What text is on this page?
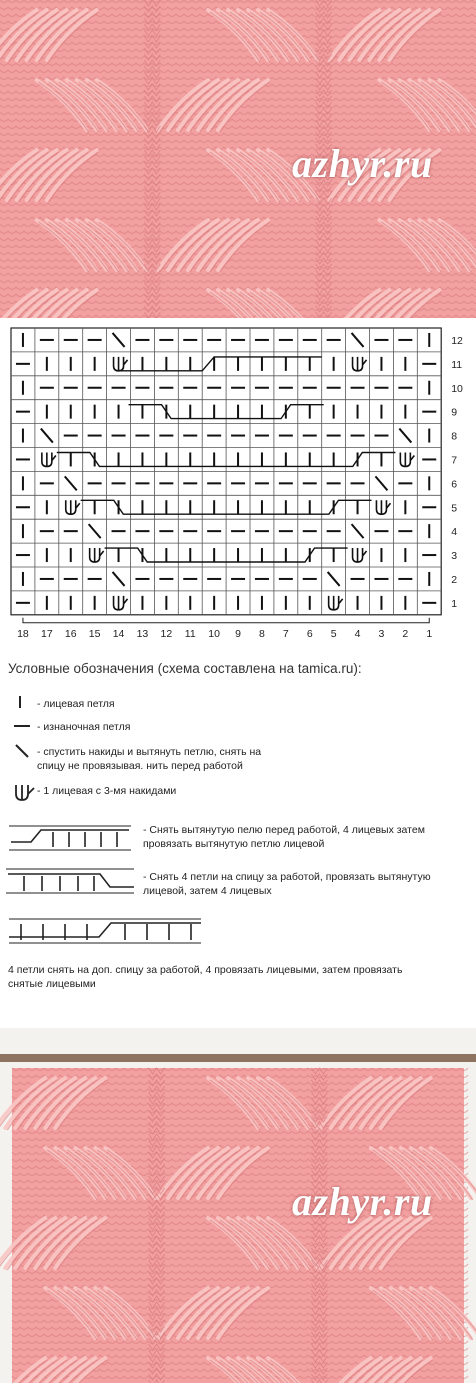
azhyr.ru
18 17 16 15 14 13 12 11 10 9 8 7 6 5 4 3 2 1
12
11
10
9
8
7
6
5
4
3
2
1
Условные обозначения (схема составлена на tamica.ru):
- лицевая петля
- изнаночная петля
- спустить накиды и вытянуть петлю, снять на спицу не провязывая. нить перед работой
- 1 лицевая с 3-мя накидами
- Снять вытянутую пелю перед работой, 4 лицевых затем провязать вытянутую петлю лицевой
- Снять 4 петли на спицу за работой, провязать вытянутую лицевой, затем 4 лицевых
4 петли снять на доп. спицу за работой, 4 провязать лицевыми, затем провязать снятые лицевыми
azhyr.ru
